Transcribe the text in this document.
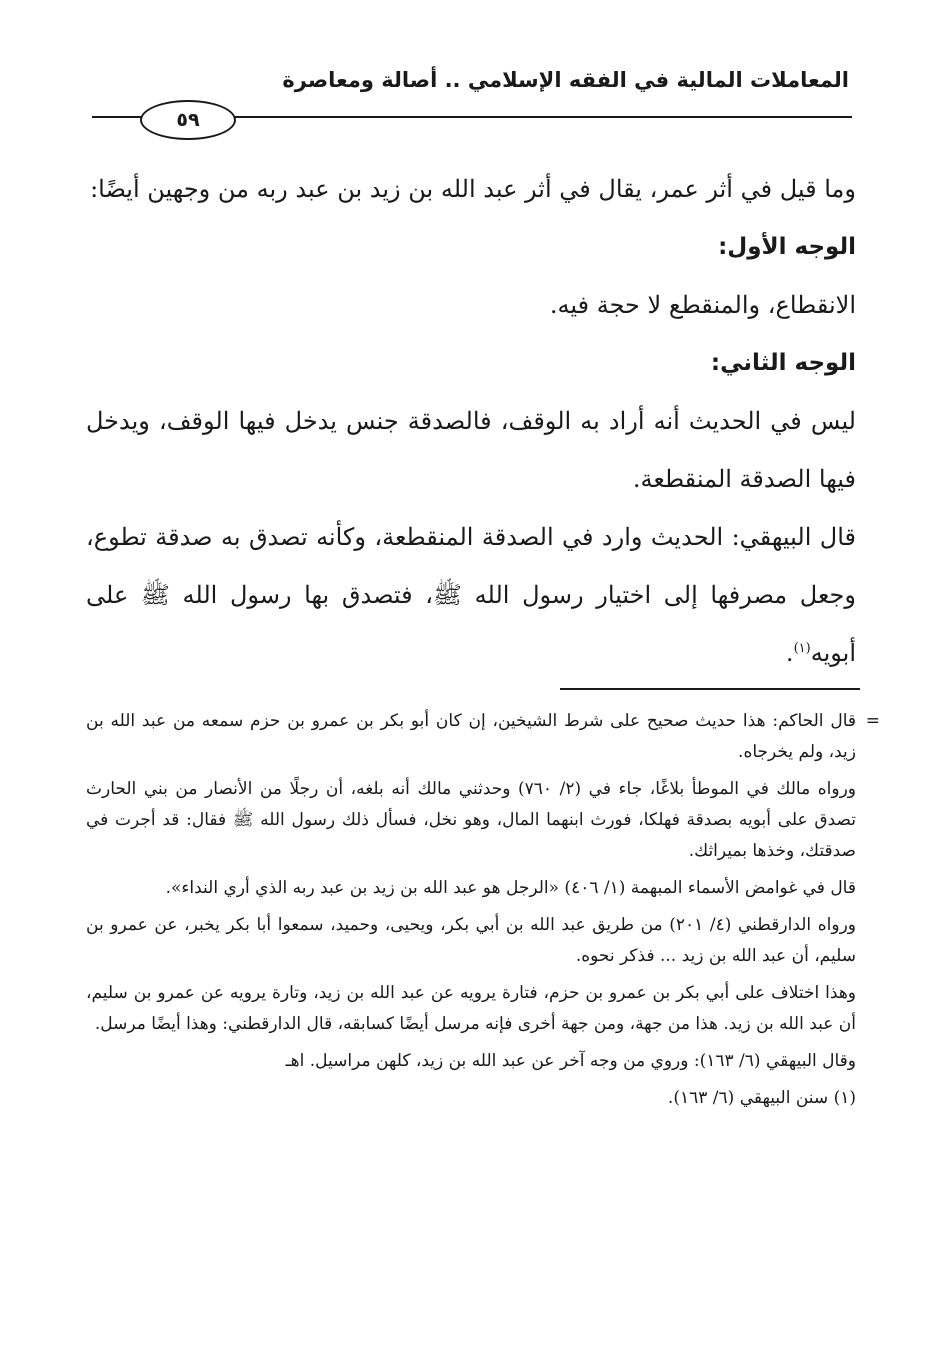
المعاملات المالية في الفقه الإسلامي .. أصالة ومعاصرة
٥٩

وما قيل في أثر عمر، يقال في أثر عبد الله بن زيد بن عبد ربه من وجهين أيضًا:

الوجه الأول:

الانقطاع، والمنقطع لا حجة فيه.

الوجه الثاني:

ليس في الحديث أنه أراد به الوقف، فالصدقة جنس يدخل فيها الوقف، ويدخل فيها الصدقة المنقطعة.

قال البيهقي: الحديث وارد في الصدقة المنقطعة، وكأنه تصدق به صدقة تطوع، وجعل مصرفها إلى اختيار رسول الله ﷺ، فتصدق بها رسول الله ﷺ على أبويه$^{(١)}$.

=
قال الحاكم: هذا حديث صحيح على شرط الشيخين، إن كان أبو بكر بن عمرو بن حزم سمعه من عبد الله بن زيد، ولم يخرجاه.

ورواه مالك في الموطأ بلاغًا، جاء في (٢/ ٧٦٠) وحدثني مالك أنه بلغه، أن رجلًا من الأنصار من بني الحارث تصدق على أبويه بصدقة فهلكا، فورث ابنهما المال، وهو نخل، فسأل ذلك رسول الله ﷺ فقال: قد أجرت في صدقتك، وخذها بميراثك.

قال في غوامض الأسماء المبهمة (١/ ٤٠٦) «الرجل هو عبد الله بن زيد بن عبد ربه الذي أري النداء».

ورواه الدارقطني (٤/ ٢٠١) من طريق عبد الله بن أبي بكر، ويحيى، وحميد، سمعوا أبا بكر يخبر، عن عمرو بن سليم، أن عبد الله بن زيد ... فذكر نحوه.

وهذا اختلاف على أبي بكر بن عمرو بن حزم، فتارة يرويه عن عبد الله بن زيد، وتارة يرويه عن عمرو بن سليم، أن عبد الله بن زيد. هذا من جهة، ومن جهة أخرى فإنه مرسل أيضًا كسابقه، قال الدارقطني: وهذا أيضًا مرسل.

وقال البيهقي (٦/ ١٦٣): وروي من وجه آخر عن عبد الله بن زيد، كلهن مراسيل. اهـ

(١) سنن البيهقي (٦/ ١٦٣).
